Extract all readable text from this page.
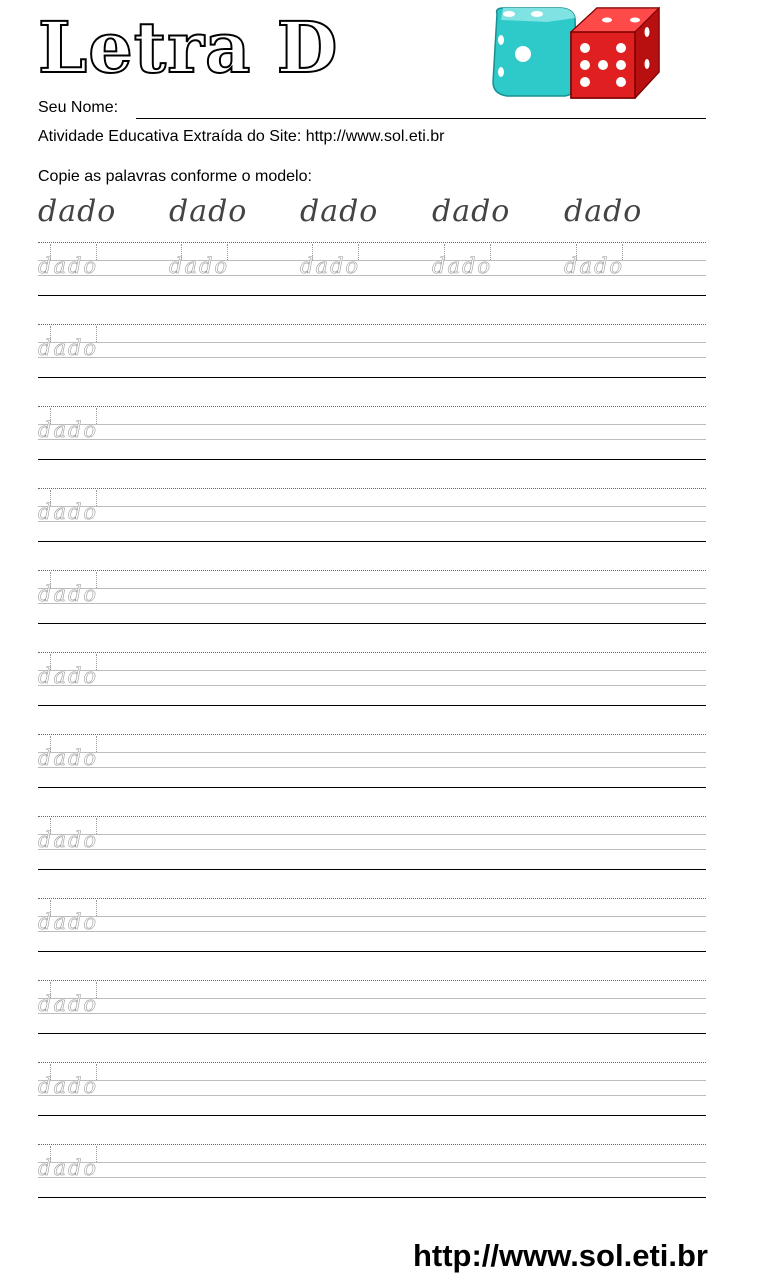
Letra D
Seu Nome:
Atividade Educativa Extraída do Site: http://www.sol.eti.br
Copie as palavras conforme o modelo:
dado dado dado dado dado
dado	dado	dado	dado	dado
dado
dado
dado
dado
dado
dado
dado
dado
dado
dado
dado
http://www.sol.eti.br
